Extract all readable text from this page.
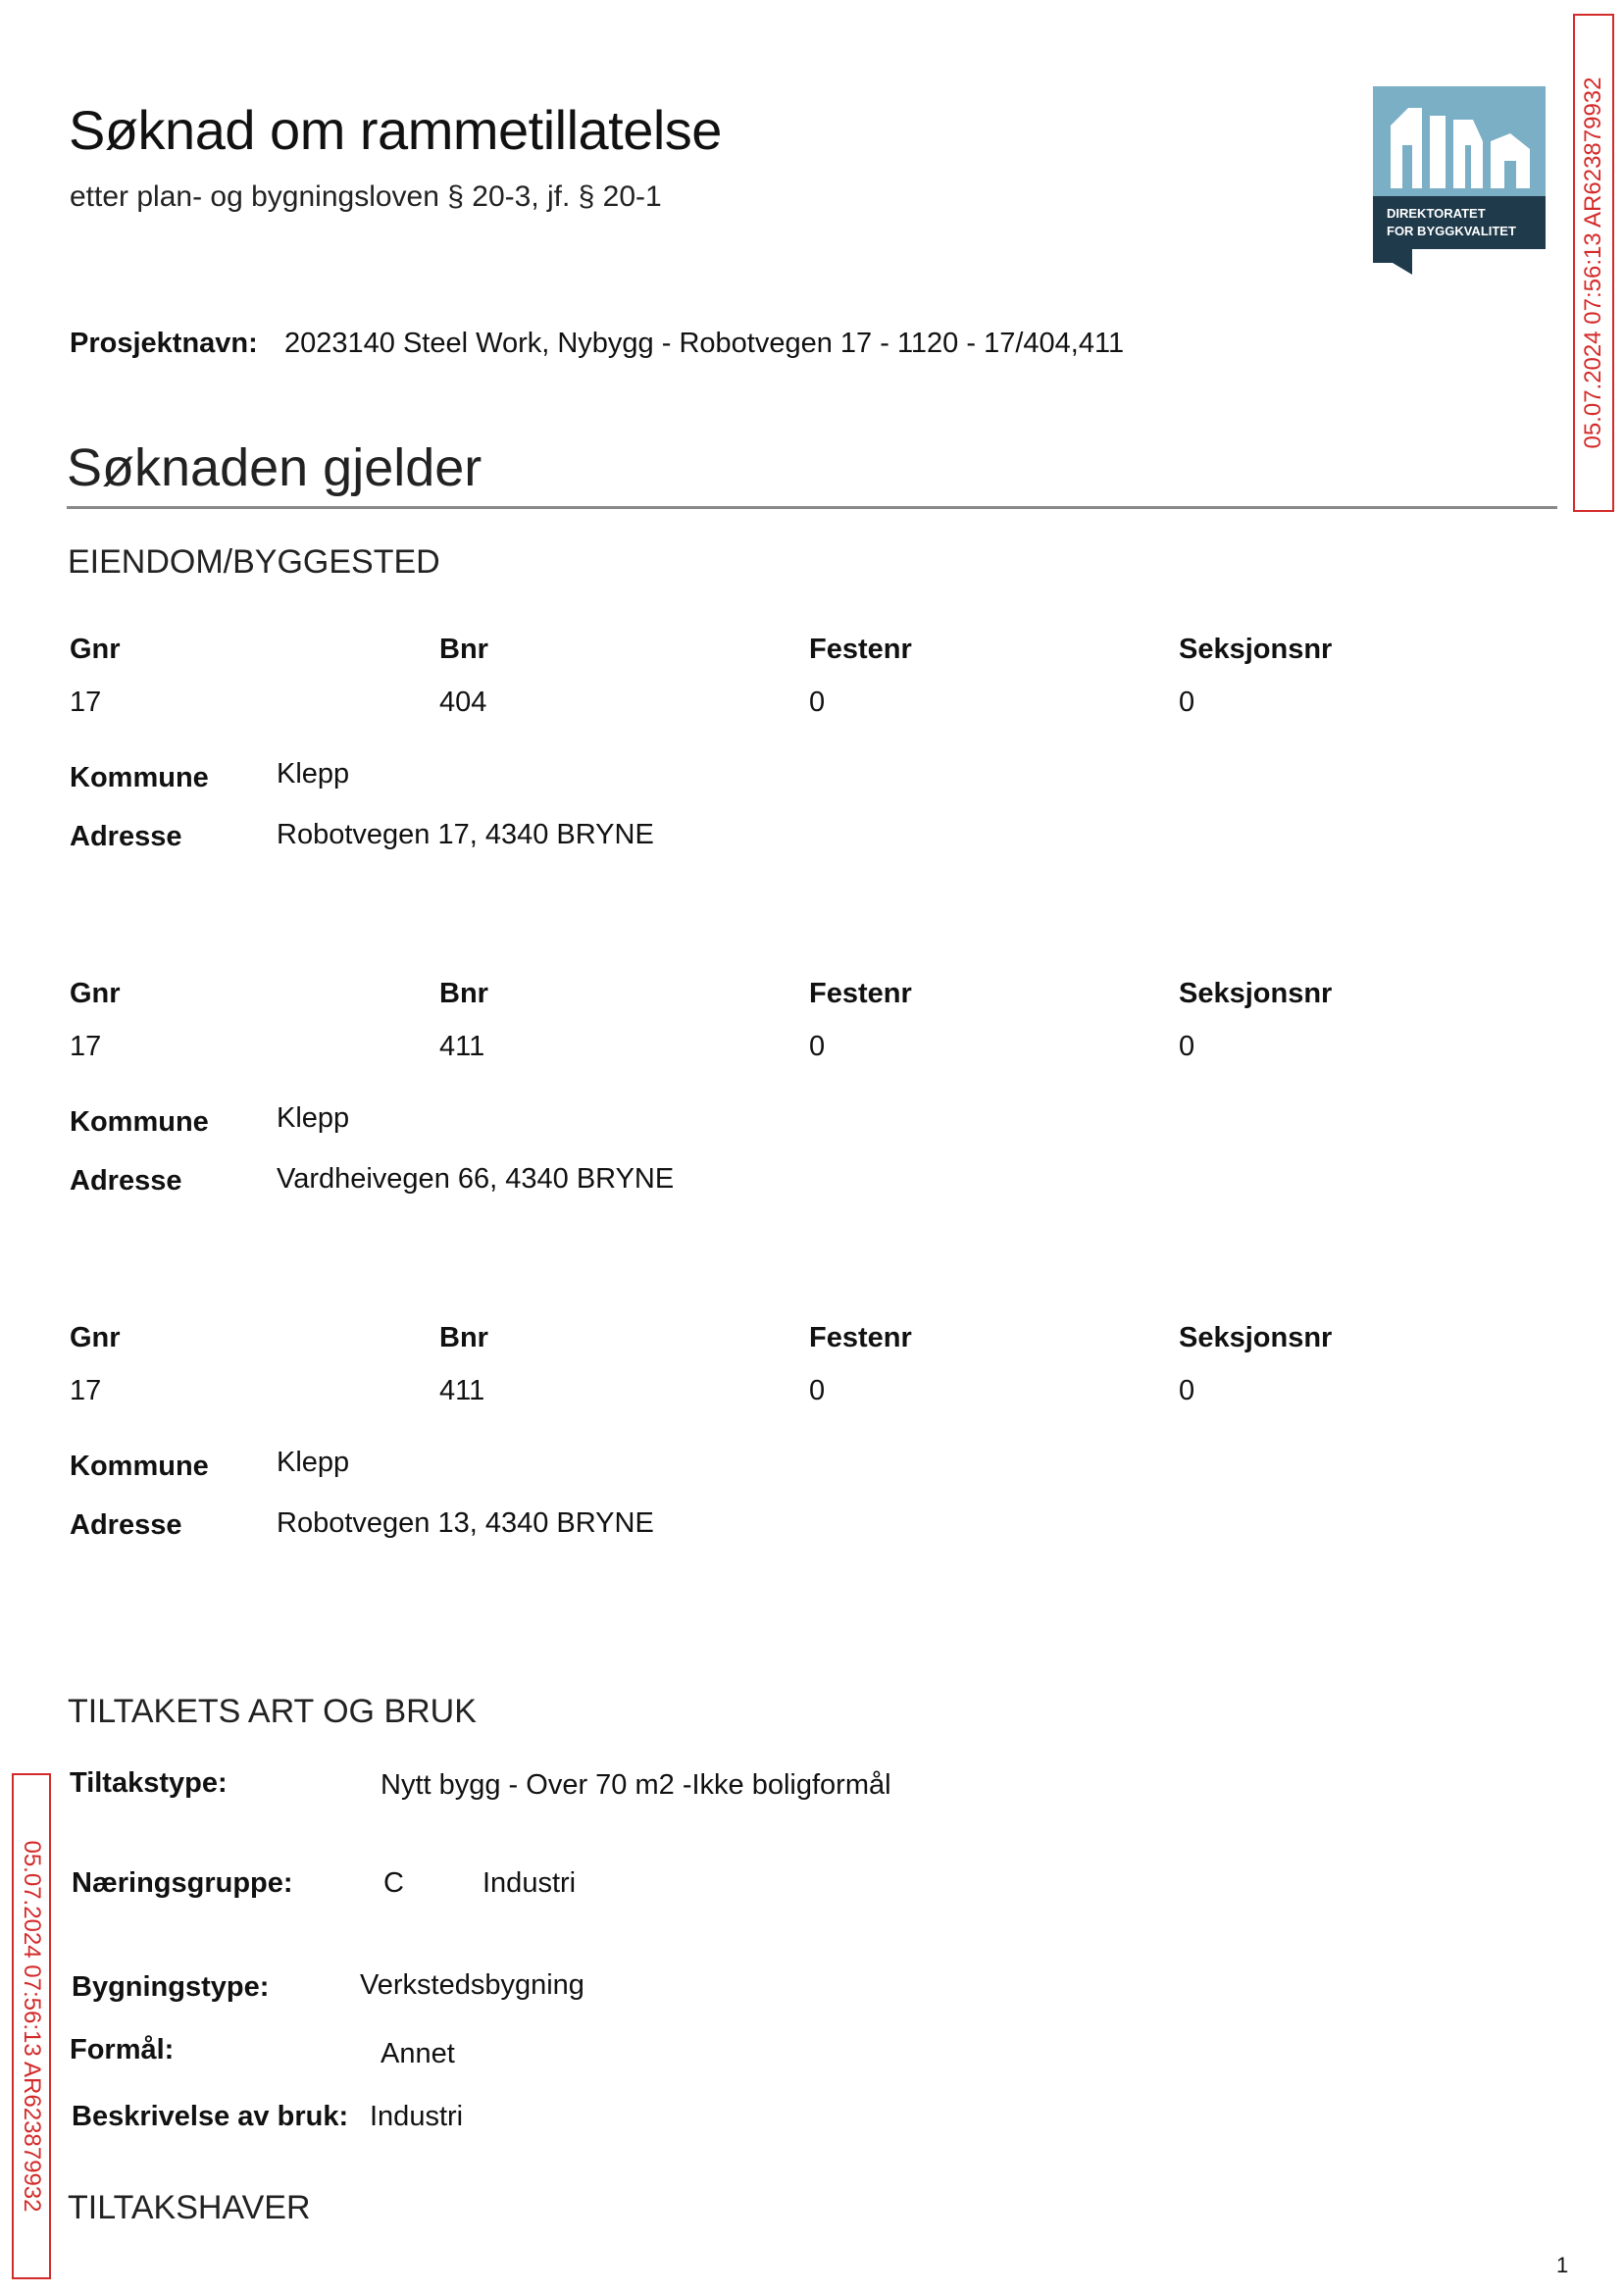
Søknad om rammetillatelse
etter plan- og bygningsloven § 20-3, jf. § 20-1
DIREKTORATET
FOR BYGGKVALITET	05.07.2024 07:56:13 AR623879932
Prosjektnavn: 2023140 Steel Work, Nybygg - Robotvegen 17 - 1120 - 17/404,411
Søknaden gjelder
EIENDOM/BYGGESTED
Gnr	Bnr	Festenr	Seksjonsnr
17	404	0	0
Kommune Klepp
Adresse	Robotvegen 17, 4340 BRYNE
Gnr	Bnr	Festenr	Seksjonsnr
17	411	0	0
Kommune Klepp
Adresse	Vardheivegen 66, 4340 BRYNE
Gnr	Bnr	Festenr	Seksjonsnr
17	411	0	0
Kommune Klepp
Adresse	Robotvegen 13, 4340 BRYNE
TILTAKETS ART OG BRUK
Tiltakstype:	Nytt bygg - Over 70 m2 -Ikke boligformål
Næringsgruppe:	C	Industri
Bygningstype:	Verkstedsbygning
Formål:	Annet
Beskrivelse av bruk: Industri
TILTAKSHAVER
05.07.2024 07:56:13 AR623879932
1
